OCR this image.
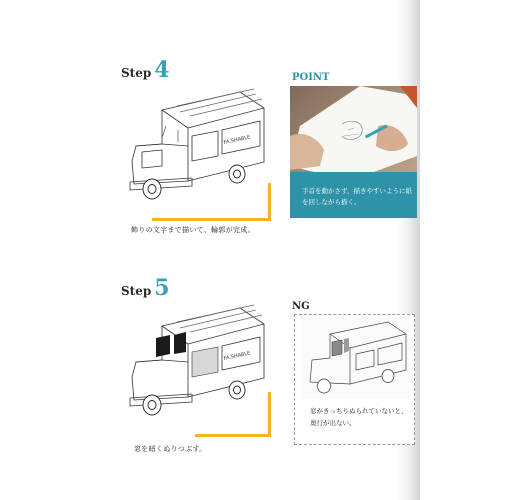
Step 4
FA.SHABLE
飾りの文字まで描いて、輪郭が完成。
POINT
手首を動かさず、描きやすいように紙を回しながら描く。
Step 5
FA.SHABLE
窓を暗くぬりつぶす。
NG
窓がきっちりぬられていないと、奥行が出ない。
